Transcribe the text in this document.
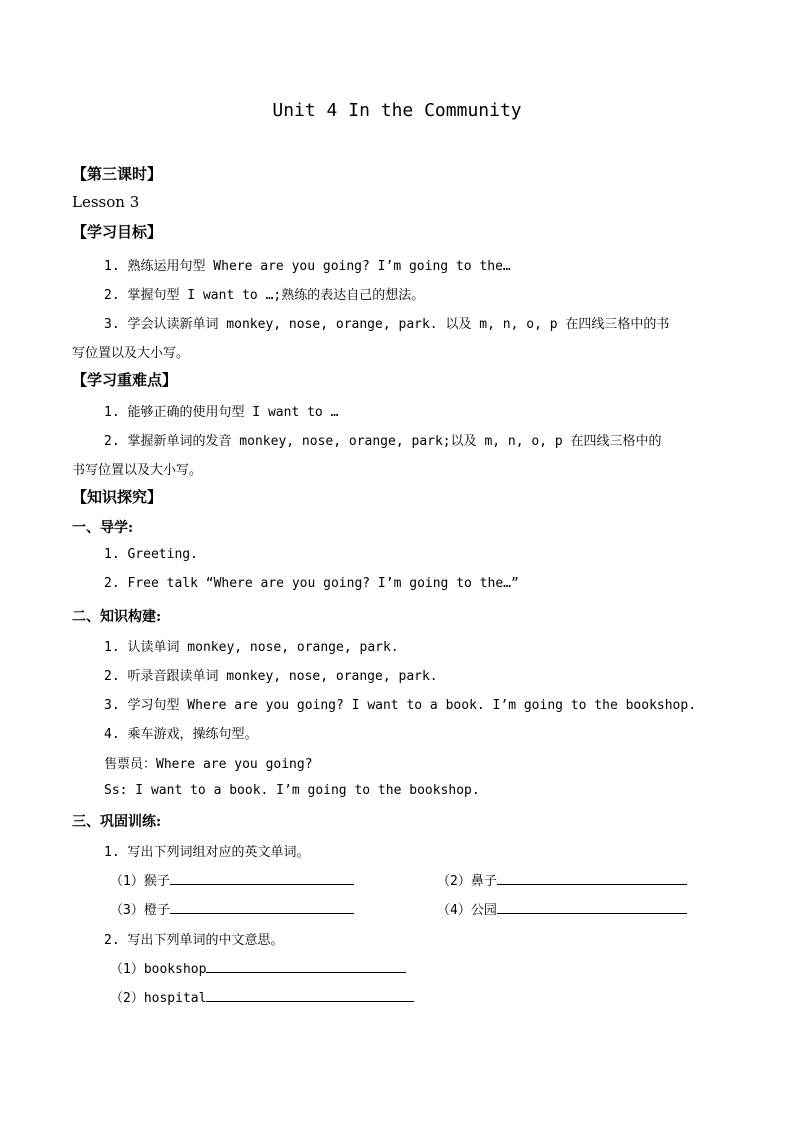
Unit 4 In the Community
【第三课时】
Lesson 3
【学习目标】
1. 熟练运用句型 Where are you going? I’m going to the…
2. 掌握句型 I want to …;熟练的表达自己的想法。
3. 学会认读新单词 monkey, nose, orange, park. 以及 m, n, o, p 在四线三格中的书
写位置以及大小写。
【学习重难点】
1. 能够正确的使用句型 I want to …
2. 掌握新单词的发音 monkey, nose, orange, park;以及 m, n, o, p 在四线三格中的
书写位置以及大小写。
【知识探究】
一、导学:
1. Greeting.
2. Free talk “Where are you going? I’m going to the…”
二、知识构建:
1. 认读单词 monkey, nose, orange, park.
2. 听录音跟读单词 monkey, nose, orange, park.
3. 学习句型 Where are you going? I want to a book. I’m going to the bookshop.
4. 乘车游戏，操练句型。
售票员：Where are you going?
Ss: I want to a book. I’m going to the bookshop.
三、巩固训练:
1. 写出下列词组对应的英文单词。
（1）猴子	（2）鼻子
（3）橙子	（4）公园
2. 写出下列单词的中文意思。
（1）bookshop
（2）hospital
